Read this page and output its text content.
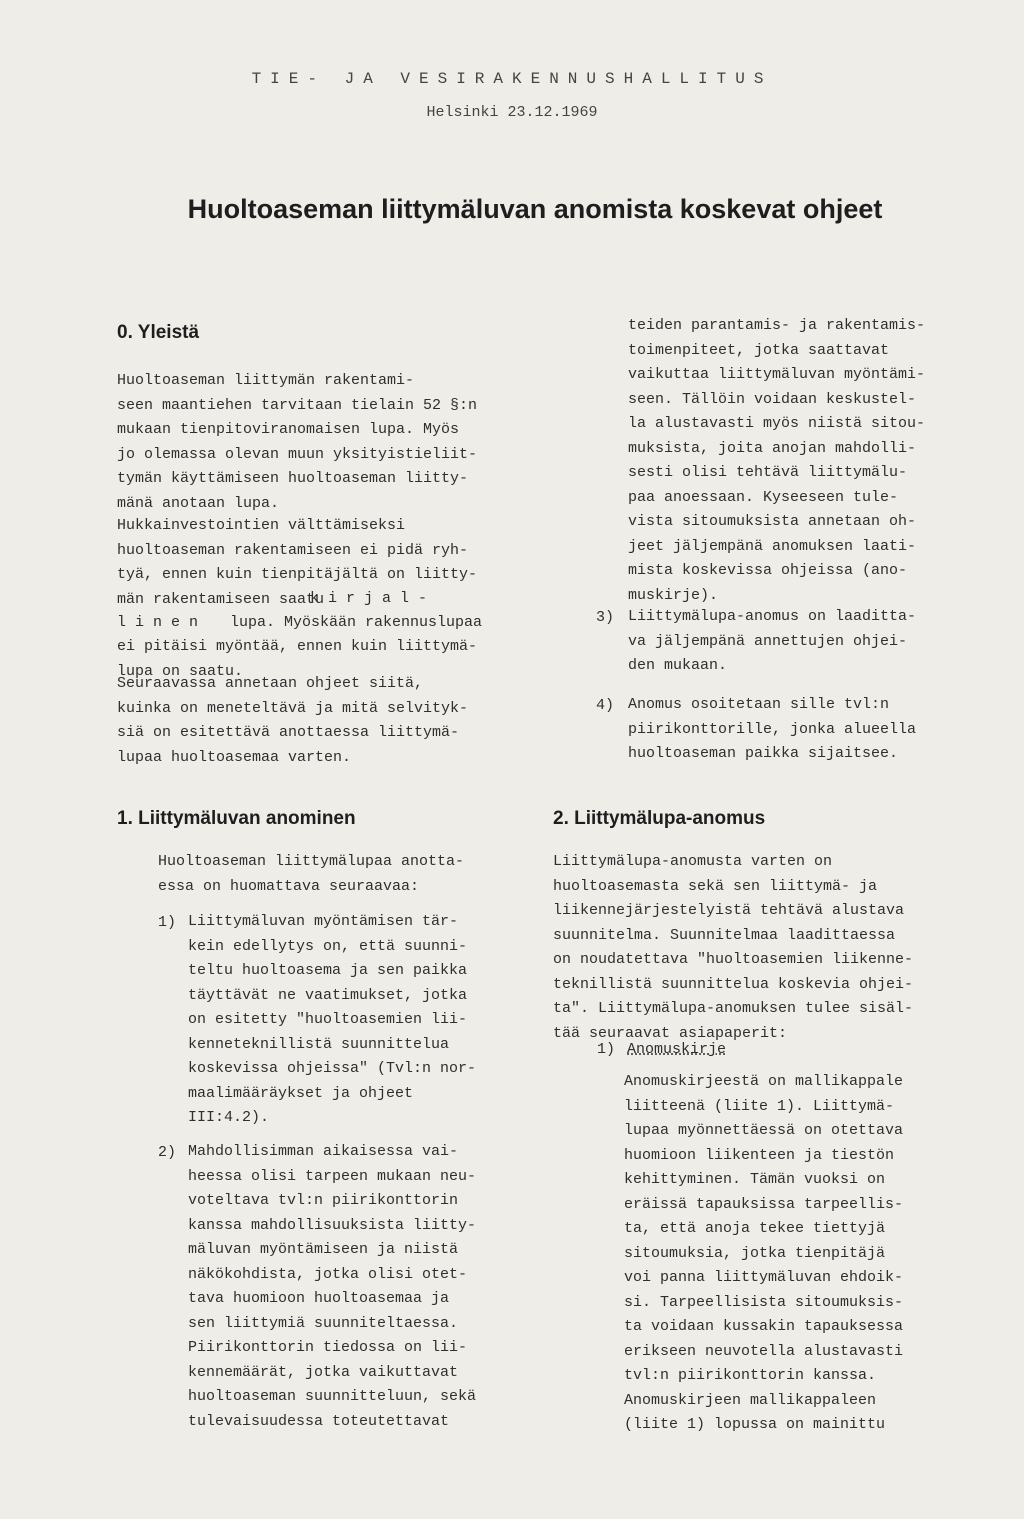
TIE- JA VESIRAKENNUSHALLITUS
Helsinki 23.12.1969
Huoltoaseman liittymäluvan anomista koskevat ohjeet
0. Yleistä

Huoltoaseman liittymän rakentami-
seen maantiehen tarvitaan tielain 52 §:n
mukaan tienpitoviranomaisen lupa. Myös
jo olemassa olevan muun yksityistieliit-
tymän käyttämiseen huoltoaseman liitty-
mänä anotaan lupa.

Hukkainvestointien välttämiseksi
huoltoaseman rakentamiseen ei pidä ryh-
tyä, ennen kuin tienpitäjältä on liitty-
män rakentamiseen saatu

kirjal-
linen lupa. Myöskään rakennuslupaa

ei pitäisi myöntää, ennen kuin liittymä-
lupa on saatu.

Seuraavassa annetaan ohjeet siitä,
kuinka on meneteltävä ja mitä selvityk-
siä on esitettävä anottaessa liittymä-
lupaa huoltoasemaa varten.

teiden parantamis- ja rakentamis-
toimenpiteet, jotka saattavat
vaikuttaa liittymäluvan myöntämi-
seen. Tällöin voidaan keskustel-
la alustavasti myös niistä sitou-
muksista, joita anojan mahdolli-
sesti olisi tehtävä liittymälu-
paa anoessaan. Kyseeseen tule-
vista sitoumuksista annetaan oh-
jeet jäljempänä anomuksen laati-
mista koskevissa ohjeissa (ano-
muskirje).

3) Liittymälupa-anomus on laaditta-
va jäljempänä annettujen ohjei-
den mukaan.

4) Anomus osoitetaan sille tvl:n
piirikonttorille, jonka alueella
huoltoaseman paikka sijaitsee.

1. Liittymäluvan anominen

Huoltoaseman liittymälupaa anotta-
essa on huomattava seuraavaa:

1) Liittymäluvan myöntämisen tär-
kein edellytys on, että suunni-
teltu huoltoasema ja sen paikka
täyttävät ne vaatimukset, jotka
on esitetty "huoltoasemien lii-
kenneteknillistä suunnittelua
koskevissa ohjeissa" (Tvl:n nor-
maalimääräykset ja ohjeet
III:4.2).

2) Mahdollisimman aikaisessa vai-
heessa olisi tarpeen mukaan neu-
voteltava tvl:n piirikonttorin
kanssa mahdollisuuksista liitty-
mäluvan myöntämiseen ja niistä
näkökohdista, jotka olisi otet-
tava huomioon huoltoasemaa ja
sen liittymiä suunniteltaessa.
Piirikonttorin tiedossa on lii-
kennemäärät, jotka vaikuttavat
huoltoaseman suunnitteluun, sekä
tulevaisuudessa toteutettavat

2. Liittymälupa-anomus

Liittymälupa-anomusta varten on
huoltoasemasta sekä sen liittymä- ja
liikennejärjestelyistä tehtävä alustava
suunnitelma. Suunnitelmaa laadittaessa
on noudatettava "huoltoasemien liikenne-
teknillistä suunnittelua koskevia ohjei-
ta". Liittymälupa-anomuksen tulee sisäl-
tää seuraavat asiapaperit:

1) Anomuskirje

Anomuskirjeestä on mallikappale
liitteenä (liite 1). Liittymä-
lupaa myönnettäessä on otettava
huomioon liikenteen ja tiestön
kehittyminen. Tämän vuoksi on
eräissä tapauksissa tarpeellis-
ta, että anoja tekee tiettyjä
sitoumuksia, jotka tienpitäjä
voi panna liittymäluvan ehdoik-
si. Tarpeellisista sitoumuksis-
ta voidaan kussakin tapauksessa
erikseen neuvotella alustavasti
tvl:n piirikonttorin kanssa.
Anomuskirjeen mallikappaleen
(liite 1) lopussa on mainittu
